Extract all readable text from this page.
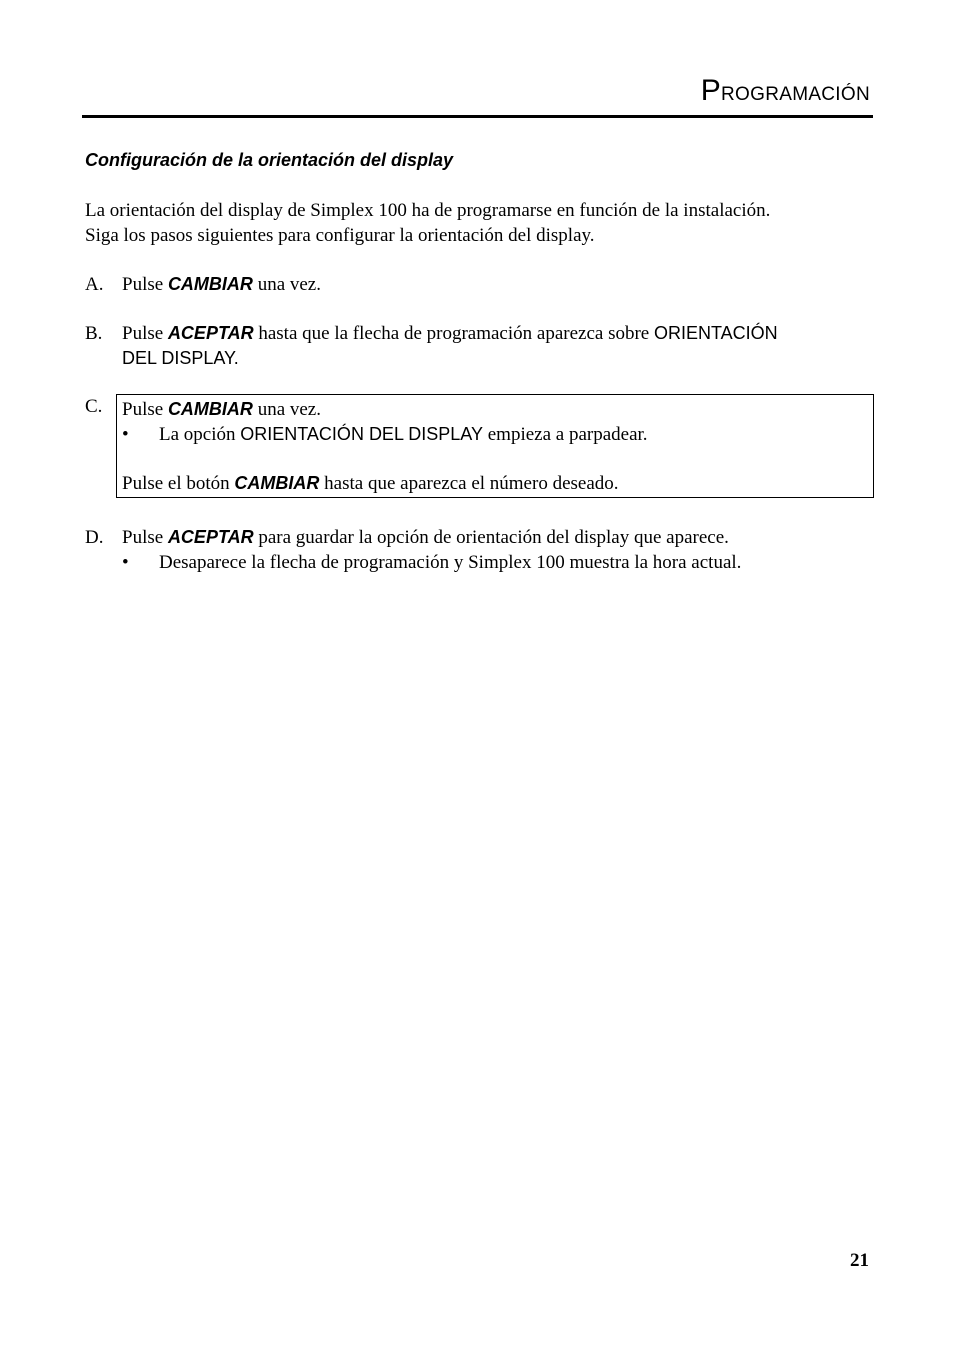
PROGRAMACIÓN
Configuración de la orientación del display
La orientación del display de Simplex 100 ha de programarse en función de la instalación.
Siga los pasos siguientes para configurar la orientación del display.
A. Pulse CAMBIAR una vez.
B. Pulse ACEPTAR hasta que la flecha de programación aparezca sobre ORIENTACIÓN
DEL DISPLAY.
C. Pulse CAMBIAR una vez.
• La opción ORIENTACIÓN DEL DISPLAY empieza a parpadear.
Pulse el botón CAMBIAR hasta que aparezca el número deseado.
D. Pulse ACEPTAR para guardar la opción de orientación del display que aparece.
• Desaparece la flecha de programación y Simplex 100 muestra la hora actual.
21
